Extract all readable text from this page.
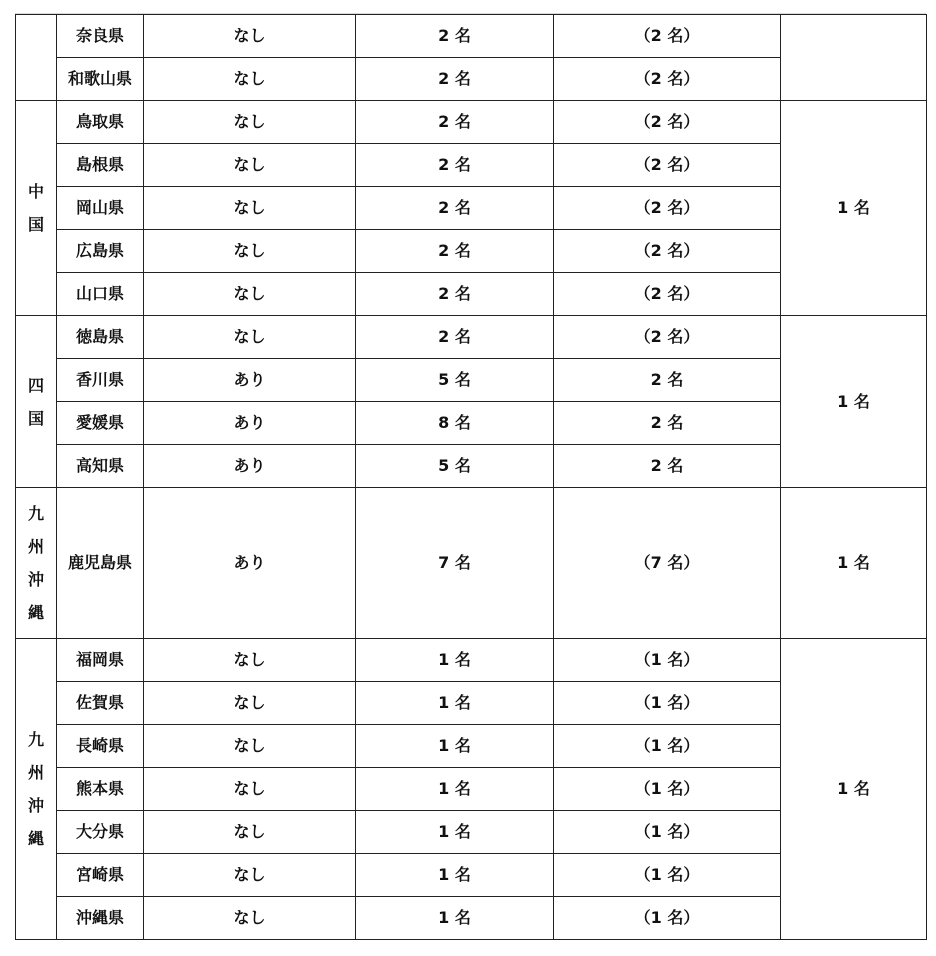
	奈良県	なし	2 名	（2 名）	
	和歌山県	なし	2 名	（2 名）	

中
国	鳥取県	なし	2 名	（2 名）	1 名
	島根県	なし	2 名	（2 名）	
	岡山県	なし	2 名	（2 名）	
	広島県	なし	2 名	（2 名）	
	山口県	なし	2 名	（2 名）	

四
国	徳島県	なし	2 名	（2 名）	1 名
	香川県	あり	5 名	2 名	
	愛媛県	あり	8 名	2 名	
	高知県	あり	5 名	2 名	

九
州
沖
縄	鹿児島県	あり	7 名	（7 名）	1 名

九
州
沖
縄	福岡県	なし	1 名	（1 名）	1 名
	佐賀県	なし	1 名	（1 名）	
	長崎県	なし	1 名	（1 名）	
	熊本県	なし	1 名	（1 名）	
	大分県	なし	1 名	（1 名）	
	宮崎県	なし	1 名	（1 名）	
	沖縄県	なし	1 名	（1 名）	
